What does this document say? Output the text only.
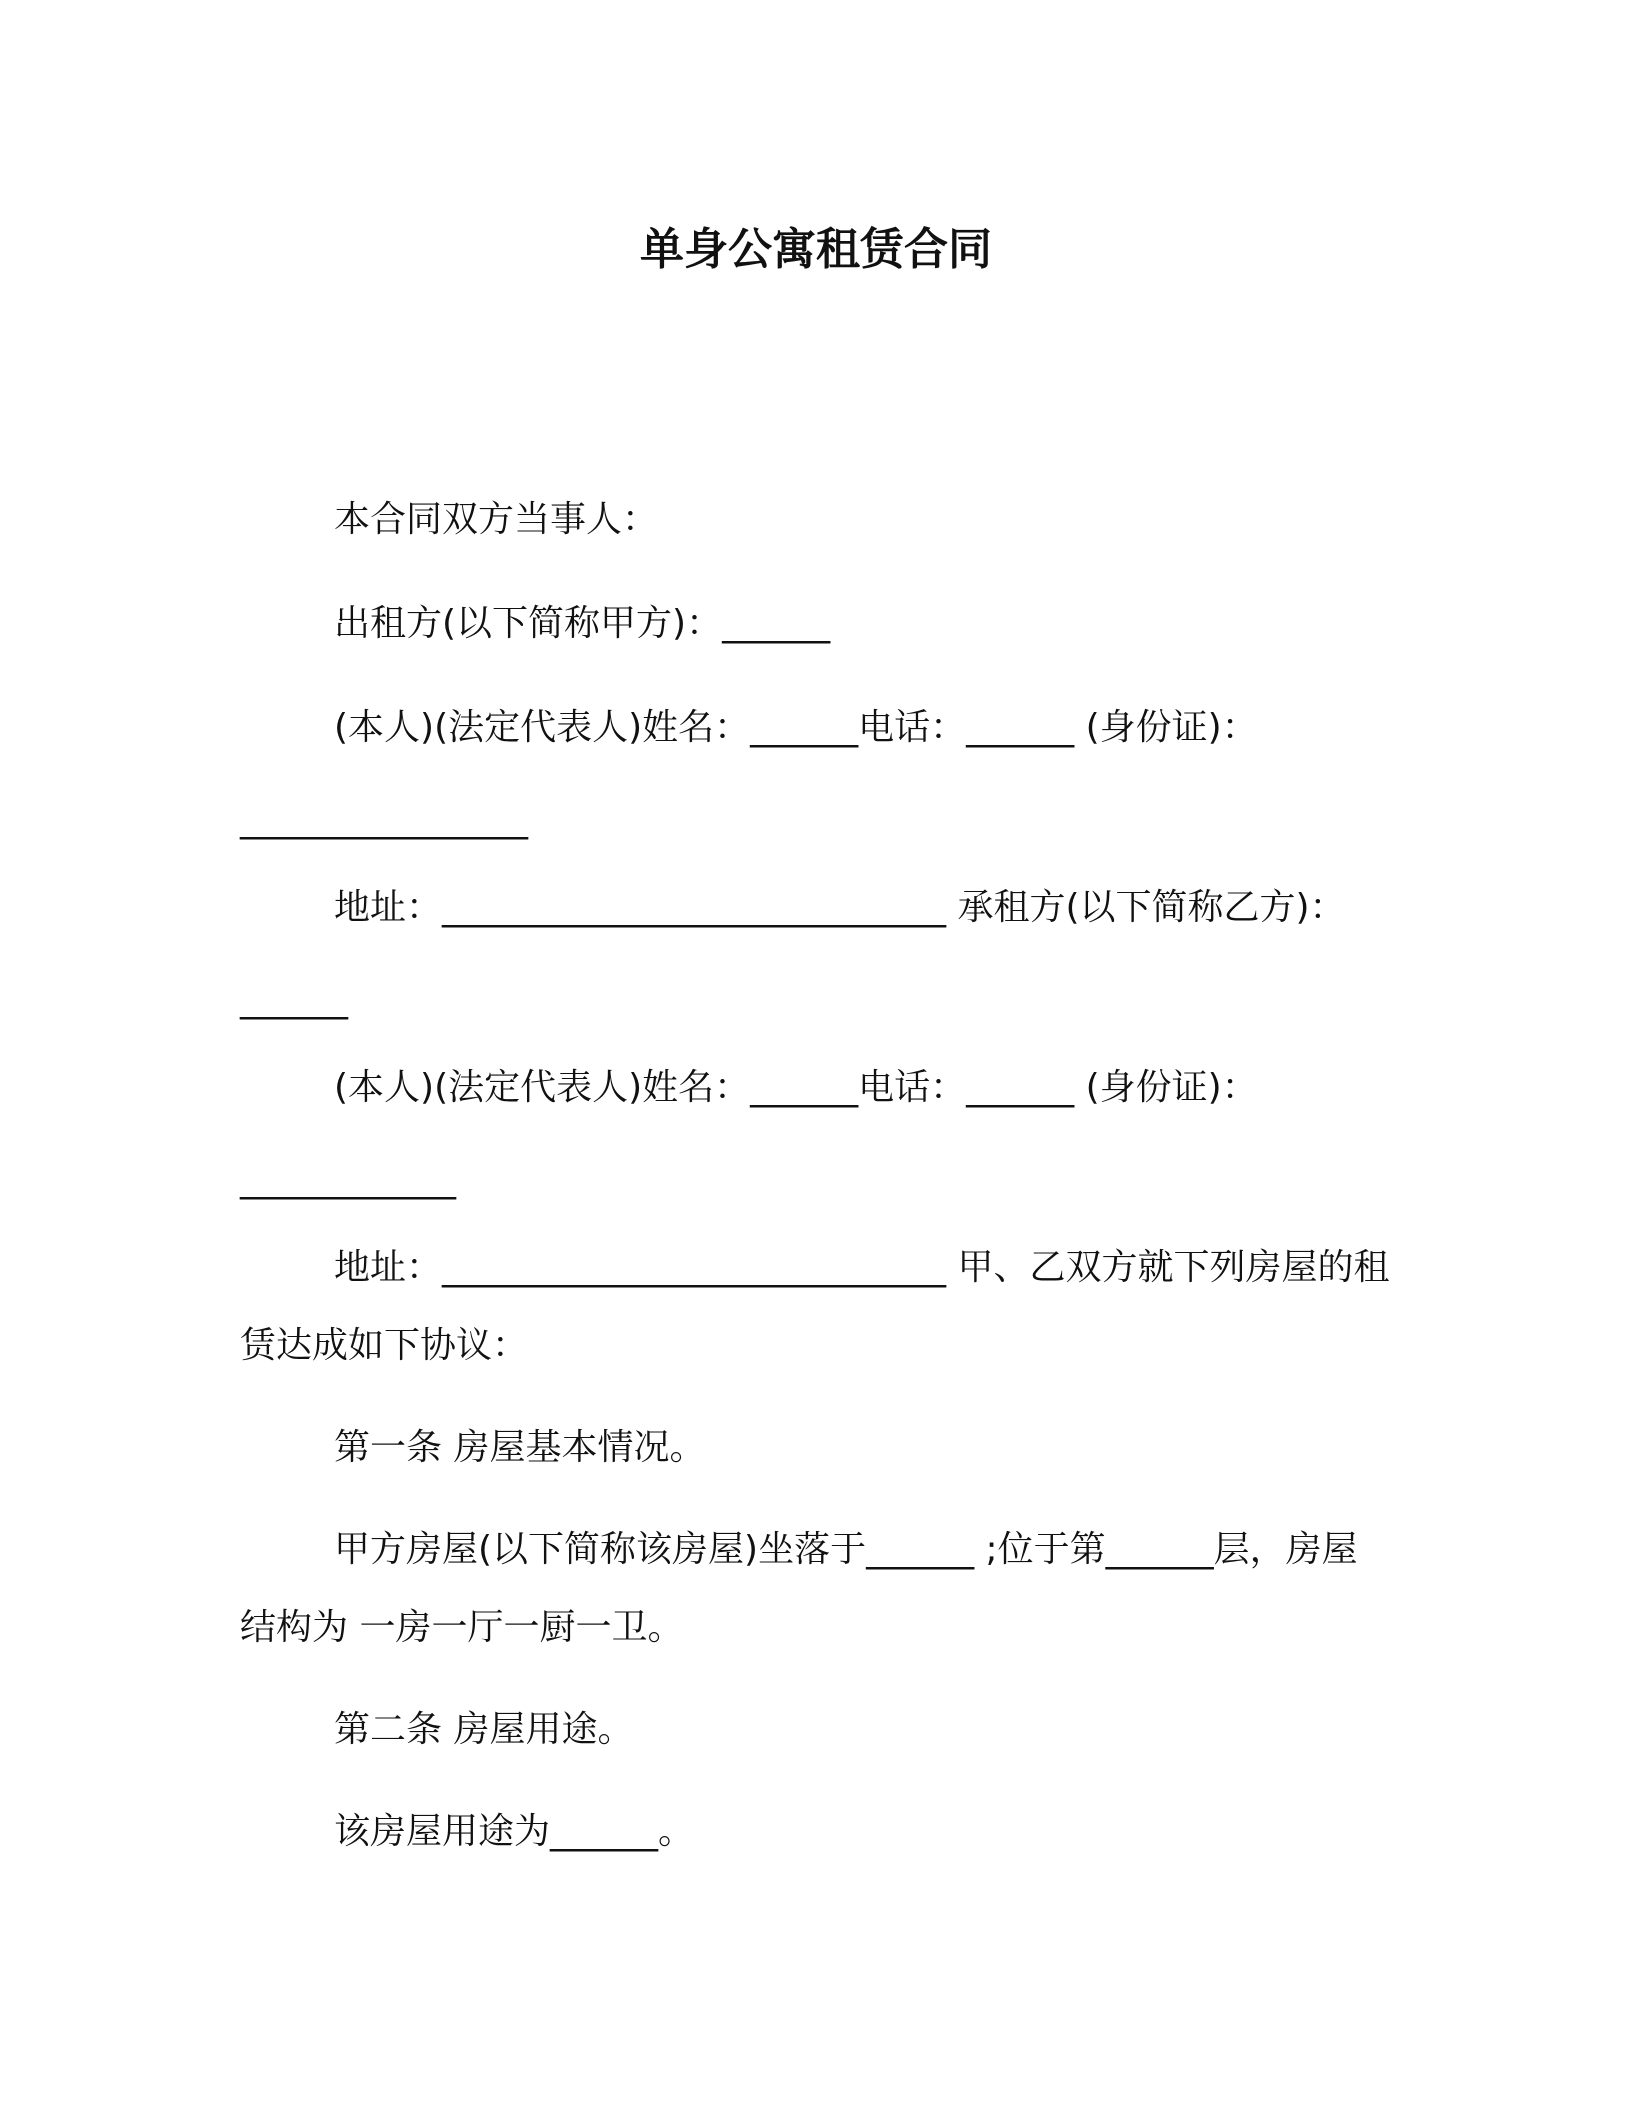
单身公寓租赁合同

本合同双方当事人：

出租方(以下简称甲方)：______

(本人)(法定代表人)姓名：______电话：______ (身份证)：

________________

地址：____________________________ 承租方(以下简称乙方)：

______

(本人)(法定代表人)姓名：______电话：______ (身份证)：

____________

地址：____________________________ 甲、乙双方就下列房屋的租

赁达成如下协议：

第一条 房屋基本情况。

甲方房屋(以下简称该房屋)坐落于______ ;位于第______层，房屋

结构为 一房一厅一厨一卫。

第二条 房屋用途。

该房屋用途为______。
